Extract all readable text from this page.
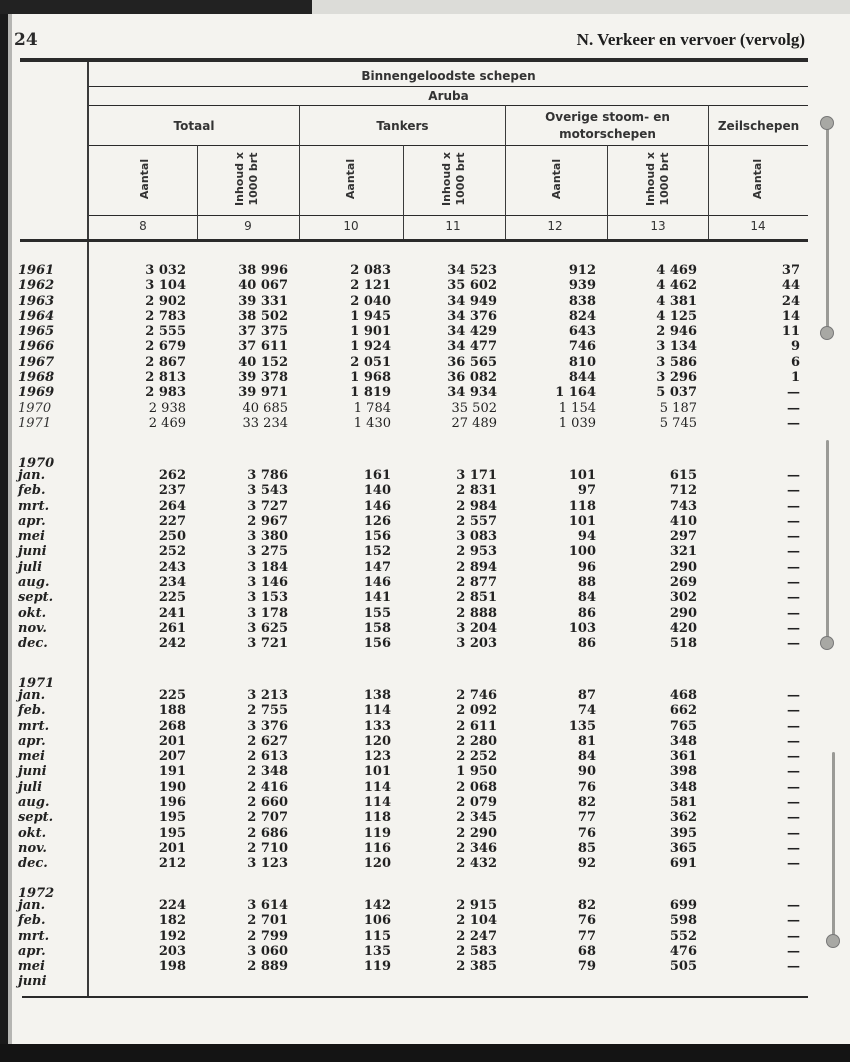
24	N. Verkeer en vervoer (vervolg)
Binnengeloodste schepen
Aruba
Totaal	Tankers
Overige stoom- en motorschepen
Zeilschepen
Aantal	Inhoud x 1000 brt	Aantal	Inhoud x 1000 brt	Aantal	Inhoud x 1000 brt	Aantal
8	9	10	11	12	13	14
1961	3 032	38 996	2 083	34 523	912	4 469	37
1962	3 104	40 067	2 121	35 602	939	4 462	44
1963	2 902	39 331	2 040	34 949	838	4 381	24
1964	2 783	38 502	1 945	34 376	824	4 125	14
1965	2 555	37 375	1 901	34 429	643	2 946	11
1966	2 679	37 611	1 924	34 477	746	3 134	9
1967	2 867	40 152	2 051	36 565	810	3 586	6
1968	2 813	39 378	1 968	36 082	844	3 296	1
1969	2 983	39 971	1 819	34 934	1 164	5 037	—
1970	2 938	40 685	1 784	35 502	1 154	5 187	—
1971	2 469	33 234	1 430	27 489	1 039	5 745	—
1970
jan.	262	3 786	161	3 171	101	615	—
feb.	237	3 543	140	2 831	97	712	—
mrt.	264	3 727	146	2 984	118	743	—
apr.	227	2 967	126	2 557	101	410	—
mei	250	3 380	156	3 083	94	297	—
juni	252	3 275	152	2 953	100	321	—
juli	243	3 184	147	2 894	96	290	—
aug.	234	3 146	146	2 877	88	269	—
sept.	225	3 153	141	2 851	84	302	—
okt.	241	3 178	155	2 888	86	290	—
nov.	261	3 625	158	3 204	103	420	—
dec.	242	3 721	156	3 203	86	518	—
1971
jan.	225	3 213	138	2 746	87	468	—
feb.	188	2 755	114	2 092	74	662	—
mrt.	268	3 376	133	2 611	135	765	—
apr.	201	2 627	120	2 280	81	348	—
mei	207	2 613	123	2 252	84	361	—
juni	191	2 348	101	1 950	90	398	—
juli	190	2 416	114	2 068	76	348	—
aug.	196	2 660	114	2 079	82	581	—
sept.	195	2 707	118	2 345	77	362	—
okt.	195	2 686	119	2 290	76	395	—
nov.	201	2 710	116	2 346	85	365	—
dec.	212	3 123	120	2 432	92	691	—
1972
jan.	224	3 614	142	2 915	82	699	—
feb.	182	2 701	106	2 104	76	598	—
mrt.	192	2 799	115	2 247	77	552	—
apr.	203	3 060	135	2 583	68	476	—
mei	198	2 889	119	2 385	79	505	—
juni
